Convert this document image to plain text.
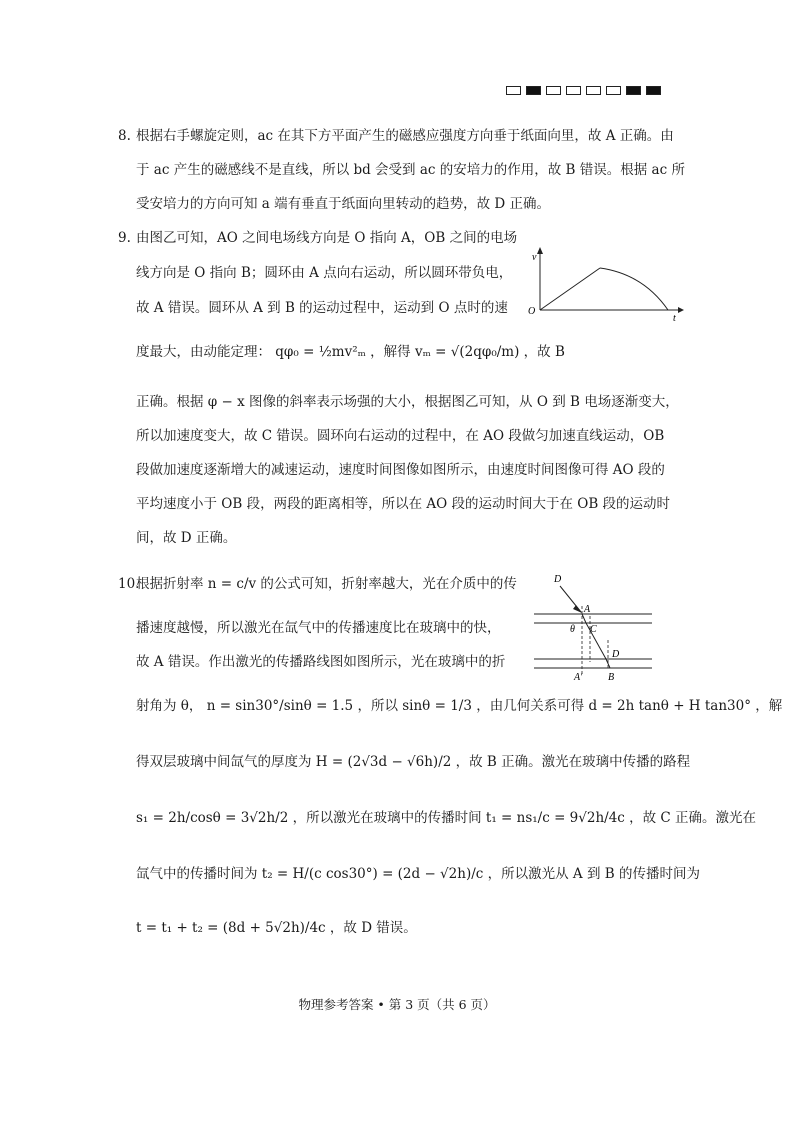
8. 根据右手螺旋定则，ac 在其下方平面产生的磁感应强度方向垂于纸面向里，故 A 正确。由
于 ac 产生的磁感线不是直线，所以 bd 会受到 ac 的安培力的作用，故 B 错误。根据 ac 所
受安培力的方向可知 a 端有垂直于纸面向里转动的趋势，故 D 正确。
9. 由图乙可知，AO 之间电场线方向是 O 指向 A，OB 之间的电场
线方向是 O 指向 B；圆环由 A 点向右运动，所以圆环带负电，
故 A 错误。圆环从 A 到 B 的运动过程中，运动到 O 点时的速
度最大，由动能定理： qφ₀ = ½mv²ₘ ，解得 vₘ = √(2qφ₀/m) ，故 B
正确。根据 φ − x 图像的斜率表示场强的大小，根据图乙可知，从 O 到 B 电场逐渐变大，
所以加速度变大，故 C 错误。圆环向右运动的过程中，在 AO 段做匀加速直线运动，OB
段做加速度逐渐增大的减速运动，速度时间图像如图所示，由速度时间图像可得 AO 段的
平均速度小于 OB 段，两段的距离相等，所以在 AO 段的运动时间大于在 OB 段的运动时
间，故 D 正确。
v
O
t
10.
根据折射率 n = c/v 的公式可知，折射率越大，光在介质中的传
播速度越慢，所以激光在氙气中的传播速度比在玻璃中的快，
故 A 错误。作出激光的传播路线图如图所示，光在玻璃中的折
射角为 θ， n = sin30°/sinθ = 1.5 ，所以 sinθ = 1/3 ，由几何关系可得 d = 2h tanθ + H tan30° ，解
得双层玻璃中间氙气的厚度为 H = (2√3d − √6h)/2 ，故 B 正确。激光在玻璃中传播的路程
s₁ = 2h/cosθ = 3√2h/2 ，所以激光在玻璃中的传播时间 t₁ = ns₁/c = 9√2h/4c ，故 C 正确。激光在
氙气中的传播时间为 t₂ = H/(c cos30°) = (2d − √2h)/c ，所以激光从 A 到 B 的传播时间为
t = t₁ + t₂ = (8d + 5√2h)/4c ，故 D 错误。
D
A
C
θ
D
A′	B
物理参考答案 • 第 3 页（共 6 页）
